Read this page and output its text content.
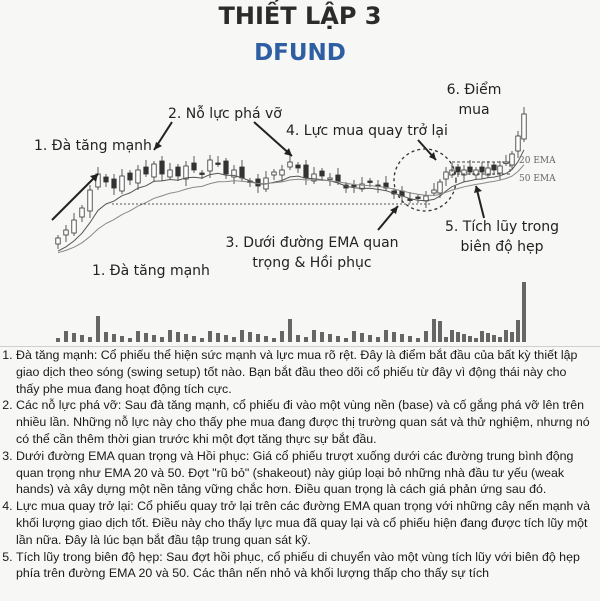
THIẾT LẬP 3
DFUND
20 EMA
50 EMA
1. Đà tăng mạnh
2. Nỗ lực phá vỡ
4. Lực mua quay trở lại
6. Điểm
mua
3. Dưới đường EMA quan
trọng & Hồi phục
5. Tích lũy trong
biên độ hẹp
1. Đà tăng mạnh
1. Đà tăng mạnh: Cổ phiếu thể hiện sức mạnh và lực mua rõ rệt. Đây là điểm bắt đầu của bất kỳ thiết lập giao dịch theo sóng (swing setup) tốt nào. Bạn bắt đầu theo dõi cổ phiếu từ đây vì động thái này cho thấy phe mua đang hoạt động tích cực.
2. Các nỗ lực phá vỡ: Sau đà tăng mạnh, cổ phiếu đi vào một vùng nền (base) và cố gắng phá vỡ lên trên nhiều lần. Những nỗ lực này cho thấy phe mua đang được thị trường quan sát và thử nghiệm, nhưng nó có thể cần thêm thời gian trước khi một đợt tăng thực sự bắt đầu.
3. Dưới đường EMA quan trọng và Hồi phục: Giá cổ phiếu trượt xuống dưới các đường trung bình động quan trọng như EMA 20 và 50. Đợt "rũ bỏ" (shakeout) này giúp loại bỏ những nhà đầu tư yếu (weak hands) và xây dựng một nền tảng vững chắc hơn. Điều quan trọng là cách giá phản ứng sau đó.
4. Lực mua quay trở lại: Cổ phiếu quay trở lại trên các đường EMA quan trọng với những cây nến mạnh và khối lượng giao dịch tốt. Điều này cho thấy lực mua đã quay lại và cổ phiếu hiện đang được tích lũy một lần nữa. Đây là lúc bạn bắt đầu tập trung quan sát kỹ.
5. Tích lũy trong biên độ hẹp: Sau đợt hồi phục, cổ phiếu di chuyển vào một vùng tích lũy với biên độ hẹp phía trên đường EMA 20 và 50. Các thân nến nhỏ và khối lượng thấp cho thấy sự tích
